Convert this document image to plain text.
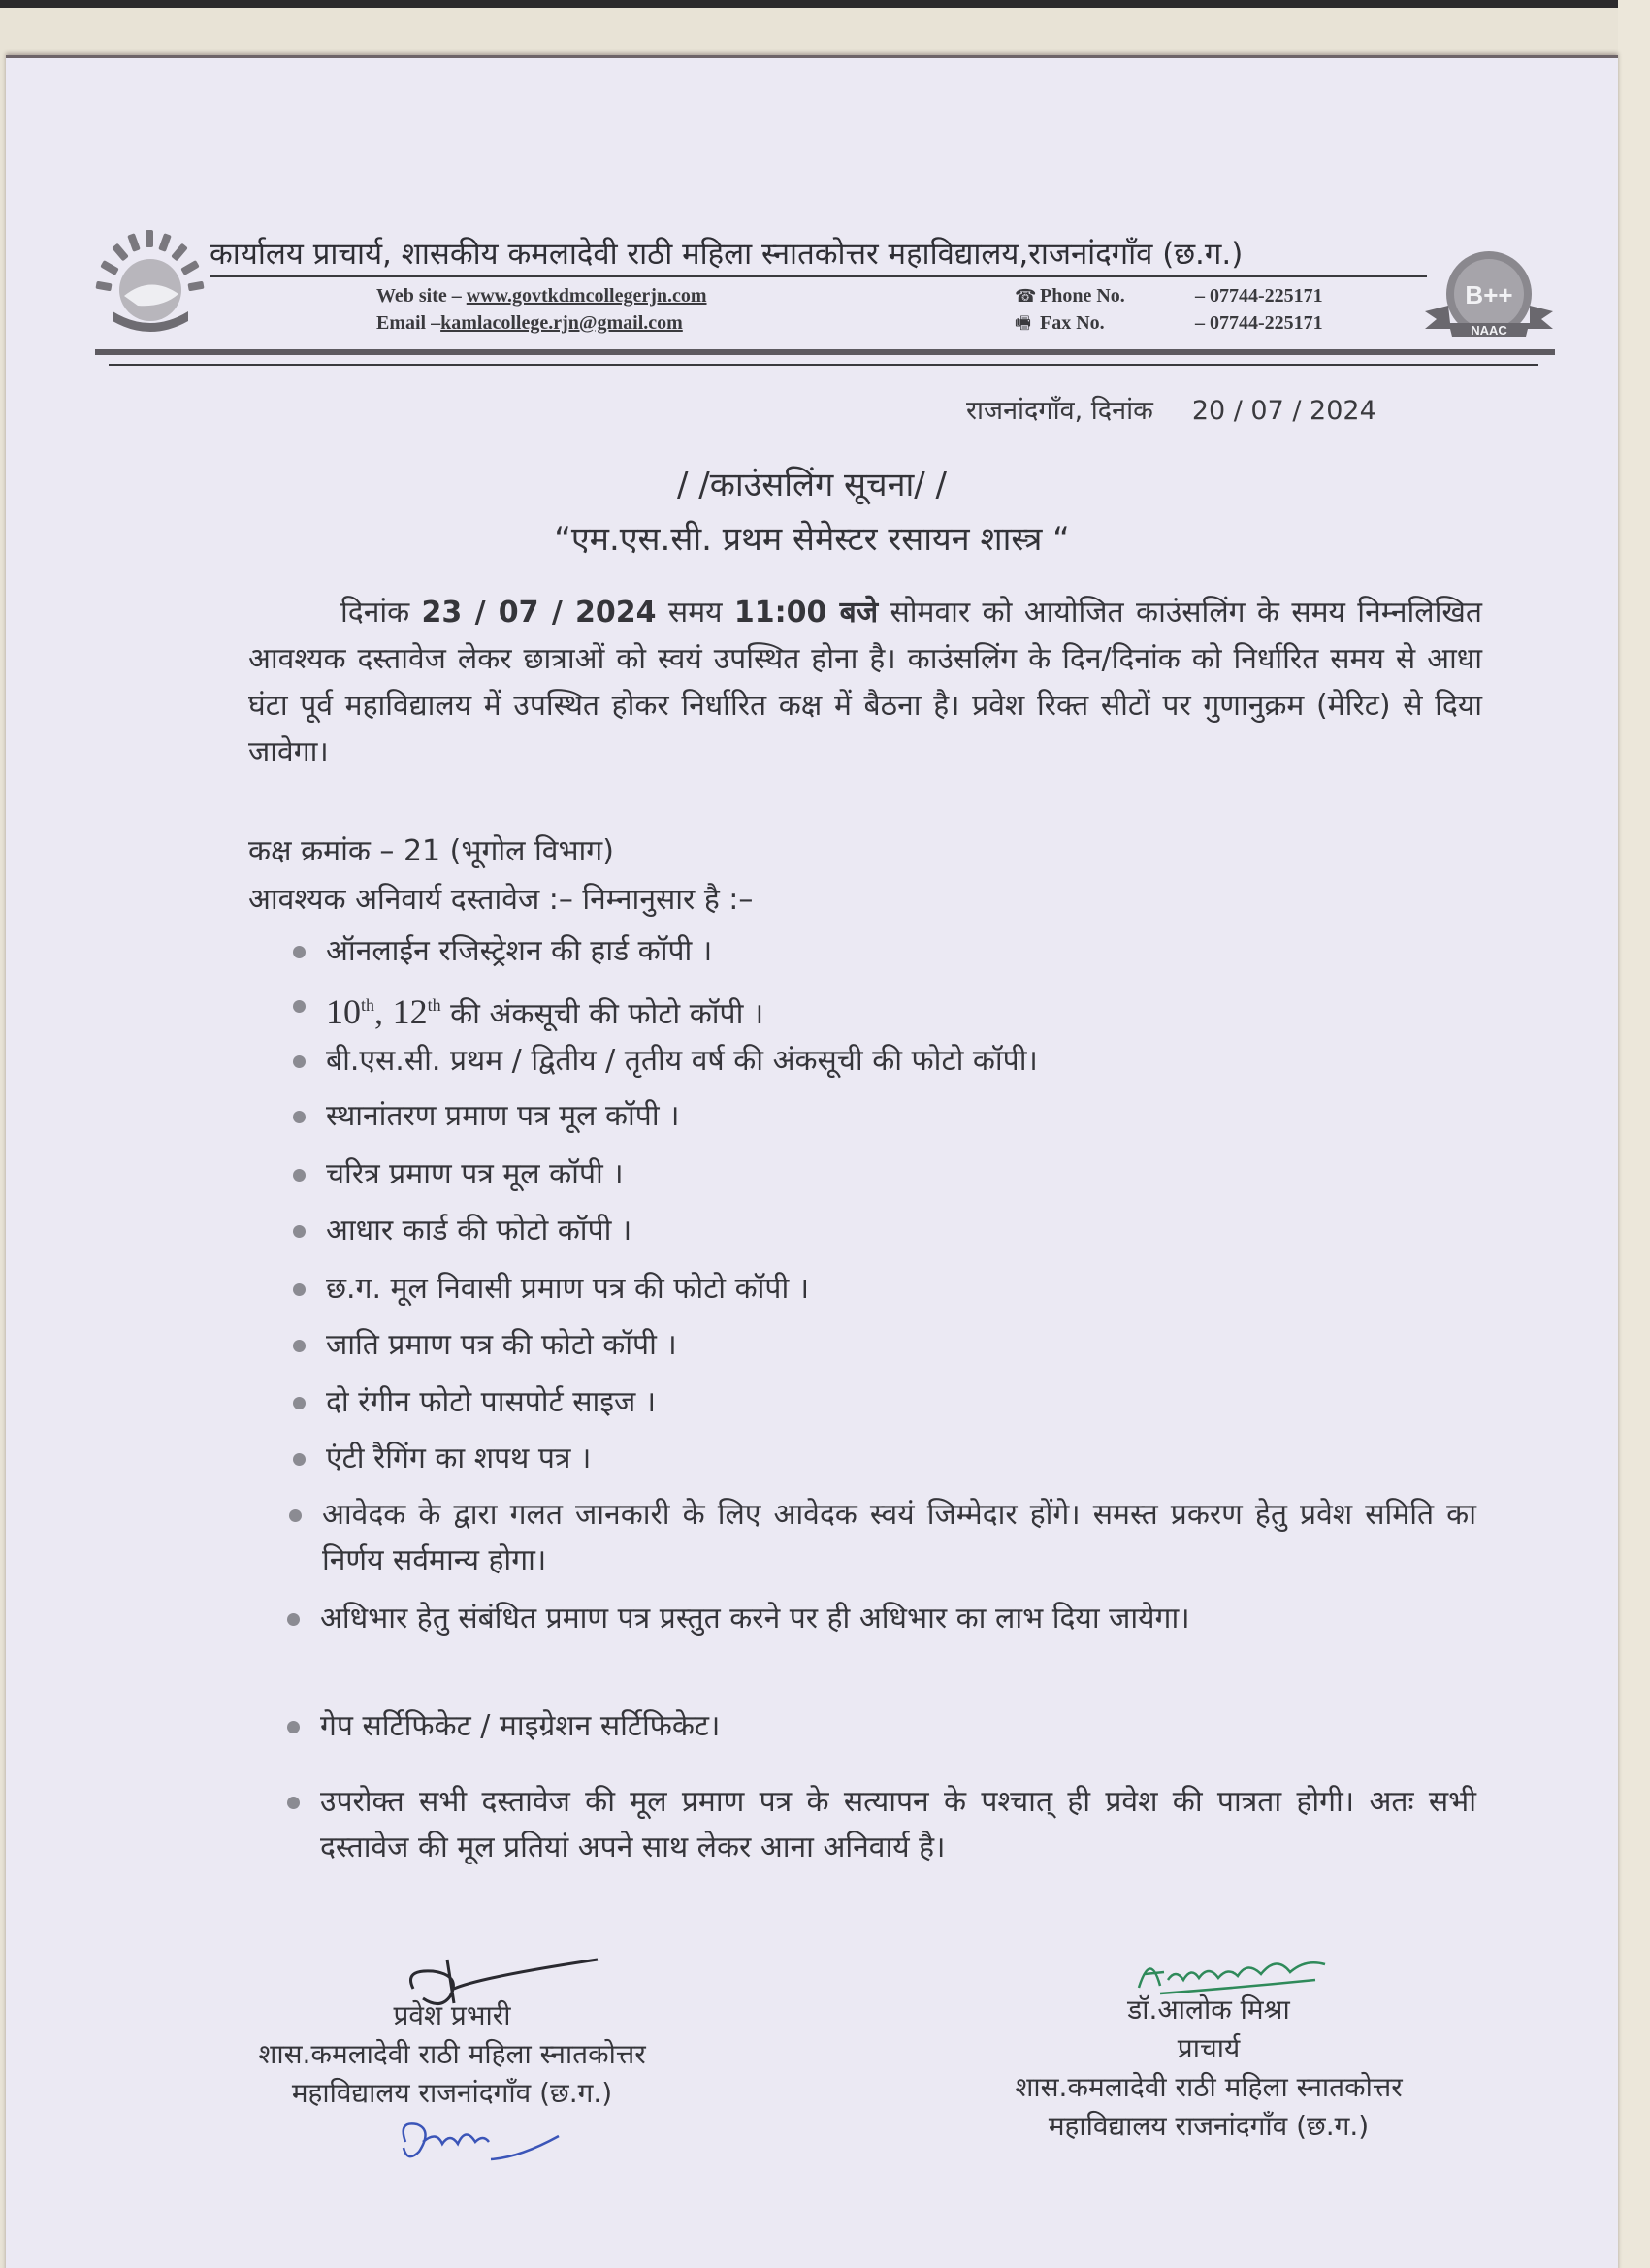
कार्यालय प्राचार्य, शासकीय कमलादेवी राठी महिला स्नातकोत्तर महाविद्यालय,राजनांदगाँव (छ.ग.)
Web site – www.govtkdmcollegerjn.com
Email –kamlacollege.rjn@gmail.com
☎ Phone No.	– 07744-225171
🖷 Fax No.	– 07744-225171
B++
NAAC
राजनांदगाँव, दिनांक 20 / 07 / 2024
/ /काउंसलिंग सूचना/ /
“एम.एस.सी. प्रथम सेमेस्टर रसायन शास्त्र “
दिनांक 23 / 07 / 2024 समय 11:00 बजे सोमवार को आयोजित काउंसलिंग के समय निम्नलिखित आवश्यक दस्तावेज लेकर छात्राओं को स्वयं उपस्थित होना है। काउंसलिंग के दिन/दिनांक को निर्धारित समय से आधा घंटा पूर्व महाविद्यालय में उपस्थित होकर निर्धारित कक्ष में बैठना है। प्रवेश रिक्त सीटों पर गुणानुक्रम (मेरिट) से दिया जावेगा।
कक्ष क्रमांक – 21 (भूगोल विभाग)
आवश्यक अनिवार्य दस्तावेज :– निम्नानुसार है :–
ऑनलाईन रजिस्ट्रेशन की हार्ड कॉपी ।
10th, 12th की अंकसूची की फोटो कॉपी ।
बी.एस.सी. प्रथम / द्वितीय / तृतीय वर्ष की अंकसूची की फोटो कॉपी।
स्थानांतरण प्रमाण पत्र मूल कॉपी ।
चरित्र प्रमाण पत्र मूल कॉपी ।
आधार कार्ड की फोटो कॉपी ।
छ.ग. मूल निवासी प्रमाण पत्र की फोटो कॉपी ।
जाति प्रमाण पत्र की फोटो कॉपी ।
दो रंगीन फोटो पासपोर्ट साइज ।
एंटी रैगिंग का शपथ पत्र ।
आवेदक के द्वारा गलत जानकारी के लिए आवेदक स्वयं जिम्मेदार होंगे। समस्त प्रकरण हेतु प्रवेश समिति का निर्णय सर्वमान्य होगा।
अधिभार हेतु संबंधित प्रमाण पत्र प्रस्तुत करने पर ही अधिभार का लाभ दिया जायेगा।
गेप सर्टिफिकेट / माइग्रेशन सर्टिफिकेट।
उपरोक्त सभी दस्तावेज की मूल प्रमाण पत्र के सत्यापन के पश्चात् ही प्रवेश की पात्रता होगी। अतः सभी दस्तावेज की मूल प्रतियां अपने साथ लेकर आना अनिवार्य है।
प्रवेश प्रभारी
शास.कमलादेवी राठी महिला स्नातकोत्तर
महाविद्यालय राजनांदगाँव (छ.ग.)
डॉ.आलोक मिश्रा
प्राचार्य
शास.कमलादेवी राठी महिला स्नातकोत्तर
महाविद्यालय राजनांदगाँव (छ.ग.)
